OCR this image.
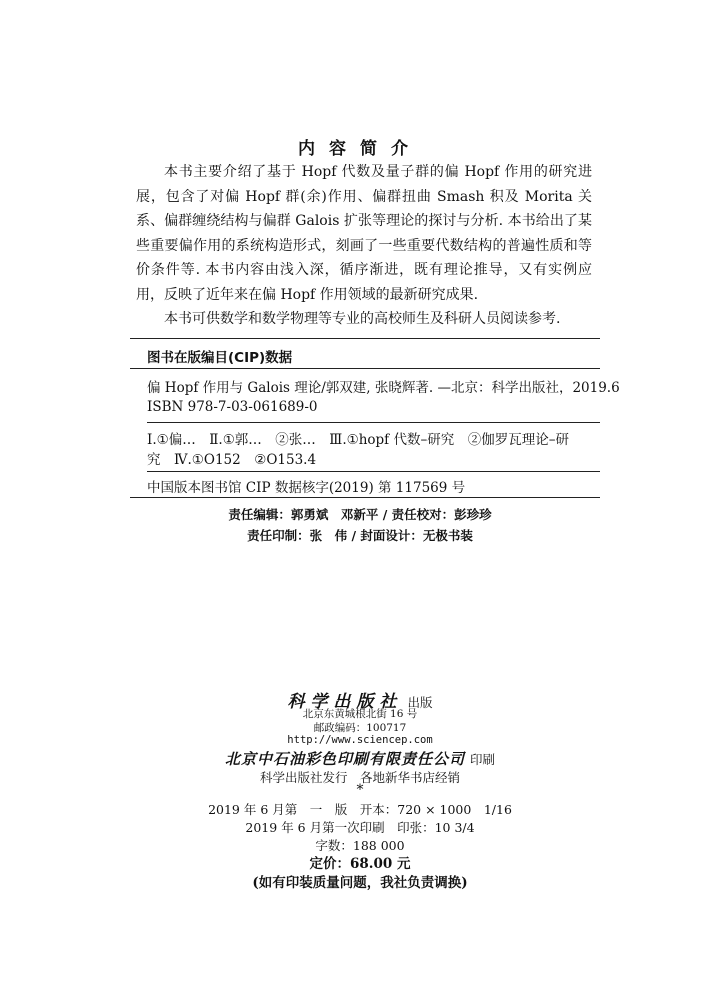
内容简介

本书主要介绍了基于 Hopf 代数及量子群的偏 Hopf 作用的研究进展，包含了对偏 Hopf 群(余)作用、偏群扭曲 Smash 积及 Morita 关系、偏群缠绕结构与偏群 Galois 扩张等理论的探讨与分析. 本书给出了某些重要偏作用的系统构造形式，刻画了一些重要代数结构的普遍性质和等价条件等. 本书内容由浅入深，循序渐进，既有理论推导，又有实例应用，反映了近年来在偏 Hopf 作用领域的最新研究成果.

本书可供数学和数学物理等专业的高校师生及科研人员阅读参考.

图书在版编目(CIP)数据
偏 Hopf 作用与 Galois 理论/郭双建, 张晓辉著. —北京：科学出版社，2019.6
ISBN 978-7-03-061689-0
Ⅰ.①偏…　Ⅱ.①郭…　②张…　Ⅲ.①hopf 代数–研究　②伽罗瓦理论–研
究　Ⅳ.①O152　②O153.4
中国版本图书馆 CIP 数据核字(2019) 第 117569 号
责任编辑：郭勇斌　邓新平 / 责任校对：彭珍珍
责任印制：张　伟 / 封面设计：无极书装
科学出版社 出版
北京东黄城根北街 16 号
邮政编码：100717
http://www.sciencep.com
北京中石油彩色印刷有限责任公司 印刷
科学出版社发行　各地新华书店经销
*
2019 年 6 月第　一　版　开本：720 × 1000　1/16
2019 年 6 月第一次印刷　印张：10 3/4
字数：188 000
定价：68.00 元
(如有印装质量问题，我社负责调换)
